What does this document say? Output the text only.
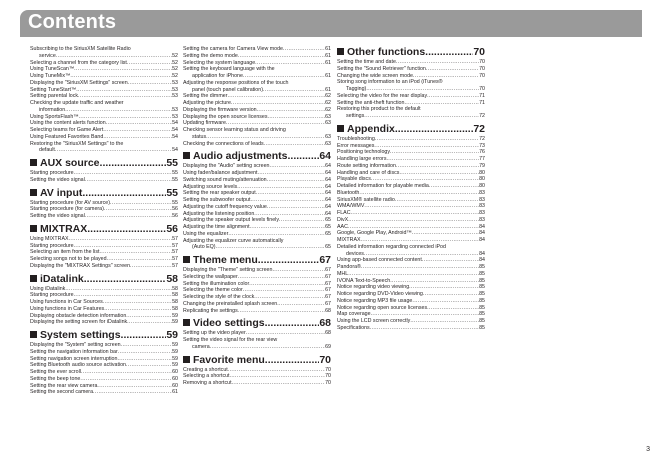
Contents
Subscribing to the SiriusXM Satellite Radio
service .....	52
Selecting a channel from the category list .....	52
Using TuneScan™ .....	52
Using TuneMix™ .....	52
Displaying the "SiriusXM Settings" screen .....	53
Setting TuneStart™ .....	53
Setting parental lock .....	53
Checking the update traffic and weather
information .....	53
Using SportsFlash™ .....	53
Using the content alerts function .....	54
Selecting teams for Game Alert .....	54
Using Featured Favorites Band .....	54
Restoring the "SiriusXM Settings" to the
default .....	54
AUX source .....	55
Starting procedure .....	55
Setting the video signal .....	55
AV input .....	55
Starting procedure (for AV source) .....	55
Starting procedure (for camera) .....	56
Setting the video signal .....	56
MIXTRAX .....	56
Using MIXTRAX .....	57
Starting procedure .....	57
Selecting an item from the list .....	57
Selecting songs not to be played .....	57
Displaying the "MIXTRAX Settings" screen .....	57
iDatalink .....	58
Using iDatalink .....	58
Starting procedure .....	58
Using functions in Car Sources .....	58
Using functions in Car Features .....	58
Displaying obstacle detection information .....	59
Displaying the setting screen for iDatalink .....	59
System settings .....	59
Displaying the "System" setting screen .....	59
Setting the navigation information bar .....	59
Setting navigation screen interruption .....	59
Setting Bluetooth audio source activation .....	59
Setting the ever scroll .....	60
Setting the beep tone .....	60
Setting the rear view camera .....	60
Setting the second camera .....	61
Setting the camera for Camera View mode .....	61
Setting the demo mode .....	61
Selecting the system language .....	61
Setting the keyboard language with the
application for iPhone .....	61
Adjusting the response positions of the touch
panel (touch panel calibration) .....	61
Setting the dimmer .....	62
Adjusting the picture .....	62
Displaying the firmware version .....	62
Displaying the open source licenses .....	63
Updating firmware .....	63
Checking sensor learning status and driving
status .....	63
Checking the connections of leads .....	63
Audio adjustments .....	64
Displaying the "Audio" setting screen .....	64
Using fader/balance adjustment .....	64
Switching sound muting/attenuation .....	64
Adjusting source levels .....	64
Setting the rear speaker output .....	64
Setting the subwoofer output .....	64
Adjusting the cutoff frequency value .....	64
Adjusting the listening position .....	64
Adjusting the speaker output levels finely .....	65
Adjusting the time alignment .....	65
Using the equalizer .....	65
Adjusting the equalizer curve automatically
(Auto EQ) .....	65
Theme menu .....	67
Displaying the "Theme" setting screen .....	67
Selecting the wallpaper .....	67
Setting the illumination color .....	67
Selecting the theme color .....	67
Selecting the style of the clock .....	67
Changing the preinstalled splash screen .....	67
Replicating the settings .....	68
Video settings .....	68
Setting up the video player .....	68
Setting the video signal for the rear view
camera .....	69
Favorite menu .....	70
Creating a shortcut .....	70
Selecting a shortcut .....	70
Removing a shortcut .....	70
Other functions .....	70
Setting the time and date .....	70
Setting the "Sound Retriever" function .....	70
Changing the wide screen mode .....	70
Storing song information to an iPod (iTunes®
Tagging) .....	70
Selecting the video for the rear display .....	71
Setting the anti-theft function .....	71
Restoring this product to the default
settings .....	72
Appendix .....	72
Troubleshooting .....	72
Error messages .....	73
Positioning technology .....	76
Handling large errors .....	77
Route setting information .....	79
Handling and care of discs .....	80
Playable discs .....	80
Detailed information for playable media .....	80
Bluetooth .....	83
SiriusXM® satellite radio .....	83
WMA/WMV .....	83
FLAC .....	83
DivX .....	83
AAC .....	84
Google, Google Play, Android™ .....	84
MIXTRAX .....	84
Detailed information regarding connected iPod
devices .....	84
Using app-based connected content .....	84
Pandora® .....	85
MHL .....	85
IVONA Text-to-Speech .....	85
Notice regarding video viewing .....	85
Notice regarding DVD-Video viewing .....	85
Notice regarding MP3 file usage .....	85
Notice regarding open source licenses .....	85
Map coverage .....	85
Using the LCD screen correctly .....	85
Specifications .....	85
3
